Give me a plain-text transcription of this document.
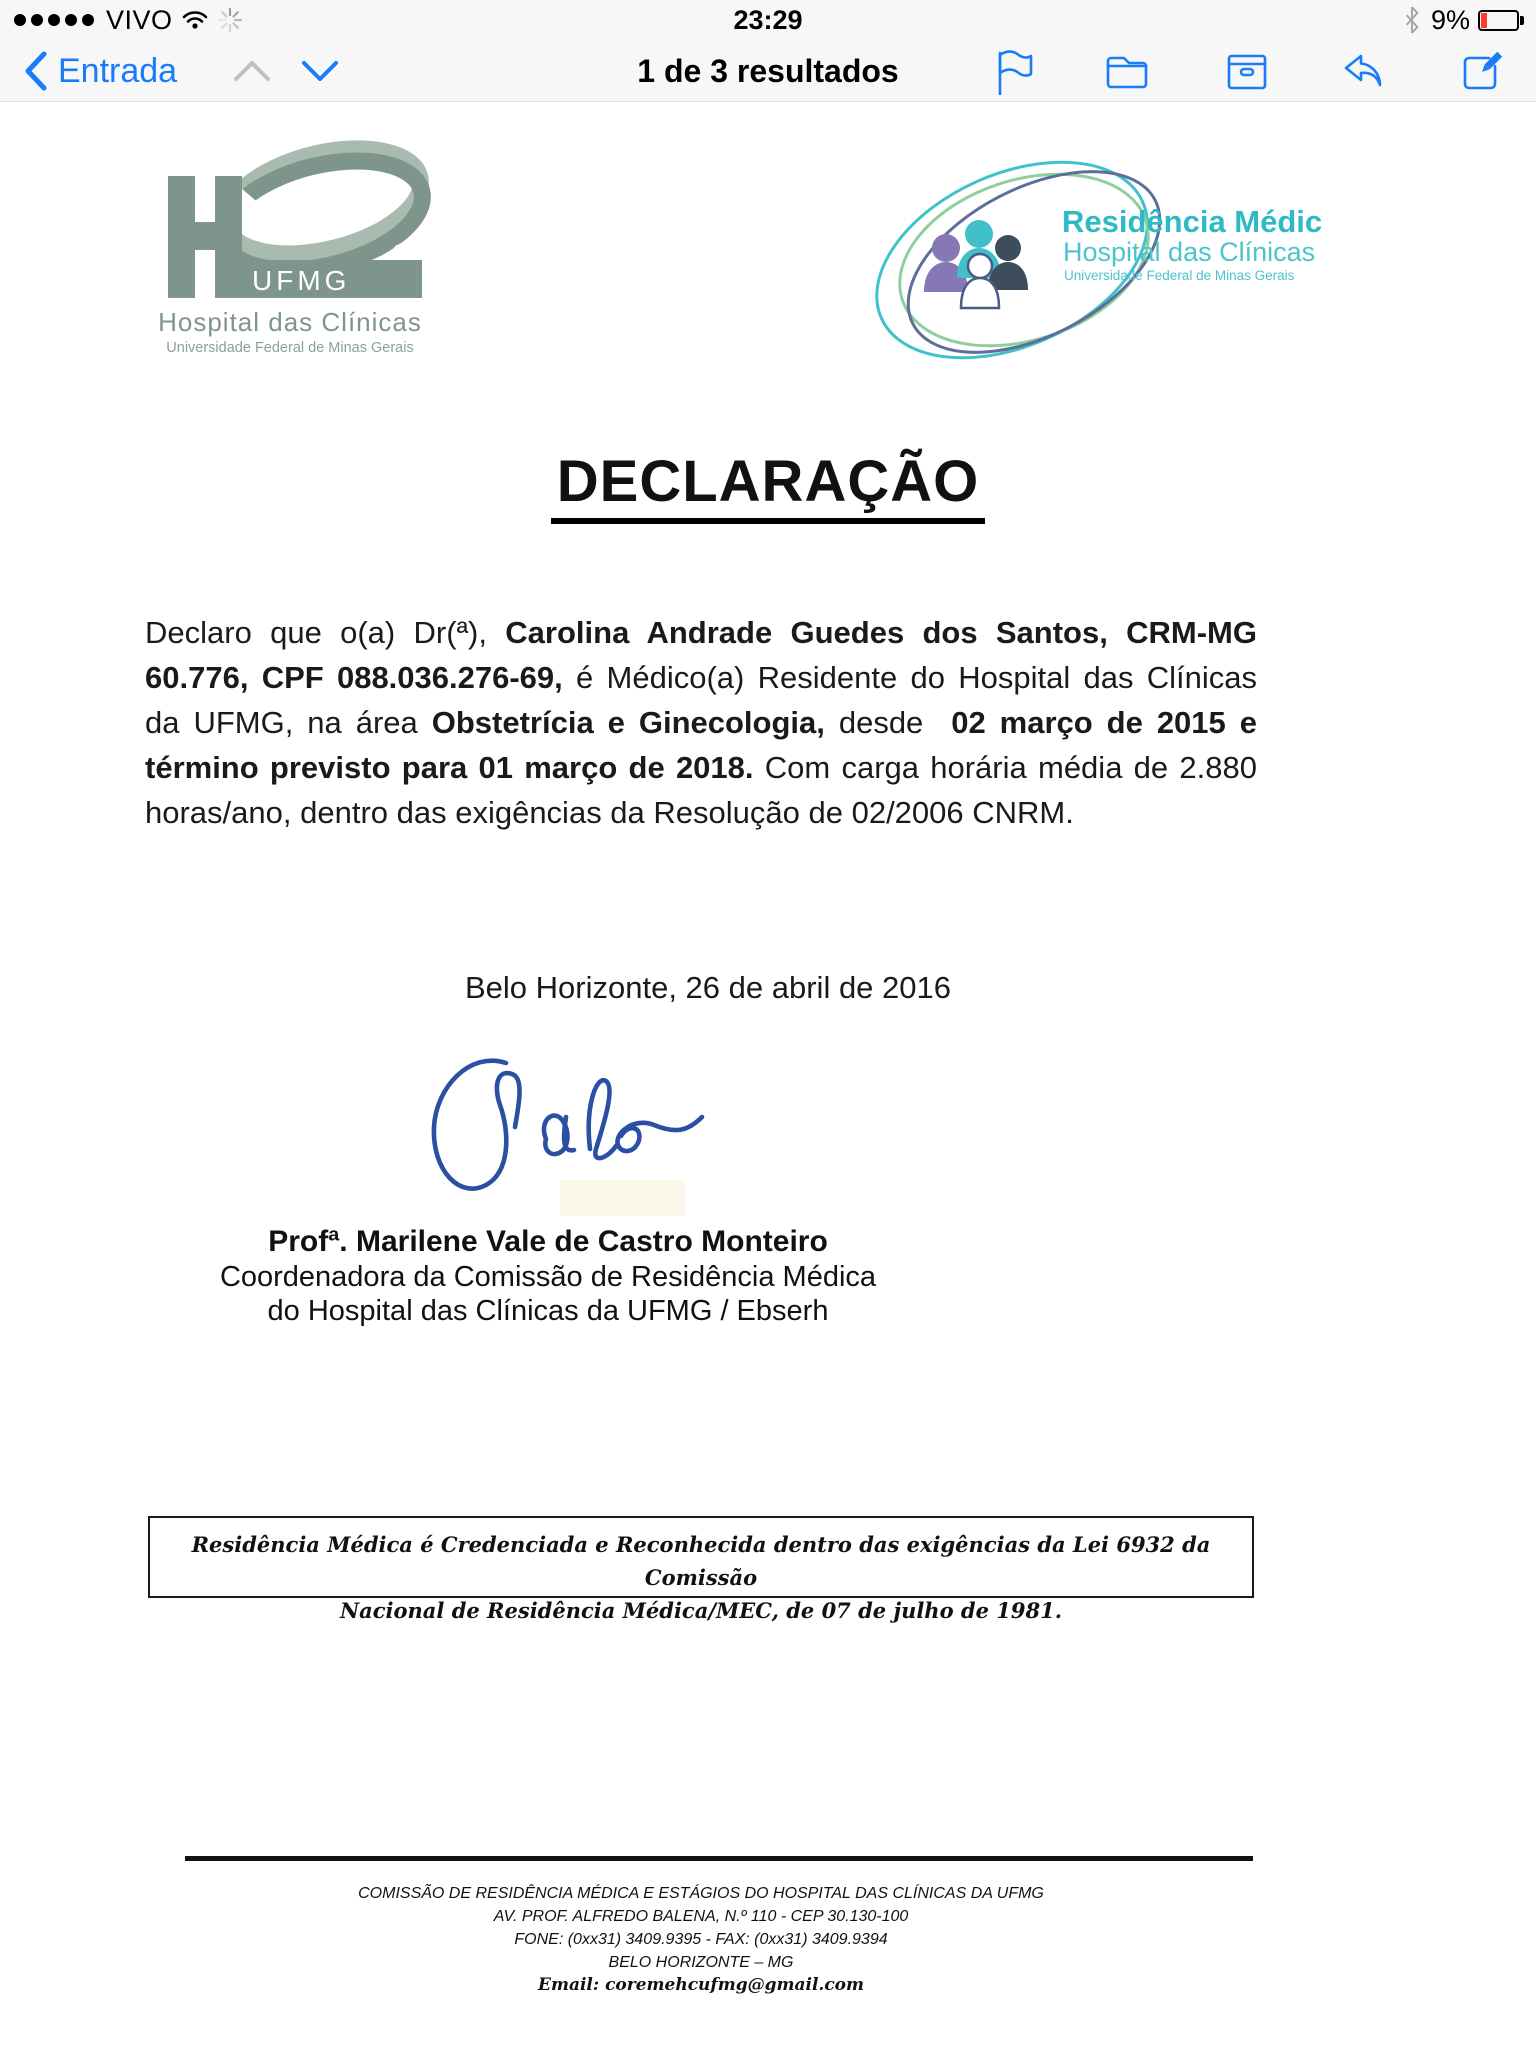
VIVO	23:29	9%
Entrada	1 de 3 resultados
UFMG
Hospital das Clínicas
Universidade Federal de Minas Gerais
Residência Médica
Hospital das Clínicas
Universidade Federal de Minas Gerais
DECLARAÇÃO

Declaro que o(a) Dr(ª), Carolina Andrade Guedes dos Santos, CRM-MG 60.776, CPF 088.036.276-69, é Médico(a) Residente do Hospital das Clínicas da UFMG, na área Obstetrícia e Ginecologia, desde  02 março de 2015 e término previsto para 01 março de 2018. Com carga horária média de 2.880 horas/ano, dentro das exigências da Resolução de 02/2006 CNRM.

Belo Horizonte, 26 de abril de 2016
Profª. Marilene Vale de Castro Monteiro
Coordenadora da Comissão de Residência Médica
do Hospital das Clínicas da UFMG / Ebserh
Residência Médica é Credenciada e Reconhecida dentro das exigências da Lei 6932 da Comissão
Nacional de Residência Médica/MEC, de 07 de julho de 1981.
COMISSÃO DE RESIDÊNCIA MÉDICA E ESTÁGIOS DO HOSPITAL DAS CLÍNICAS DA UFMG
AV. PROF. ALFREDO BALENA, N.º 110 - CEP 30.130-100
FONE: (0xx31) 3409.9395 - FAX: (0xx31) 3409.9394
BELO HORIZONTE – MG
Email: coremehcufmg@gmail.com
